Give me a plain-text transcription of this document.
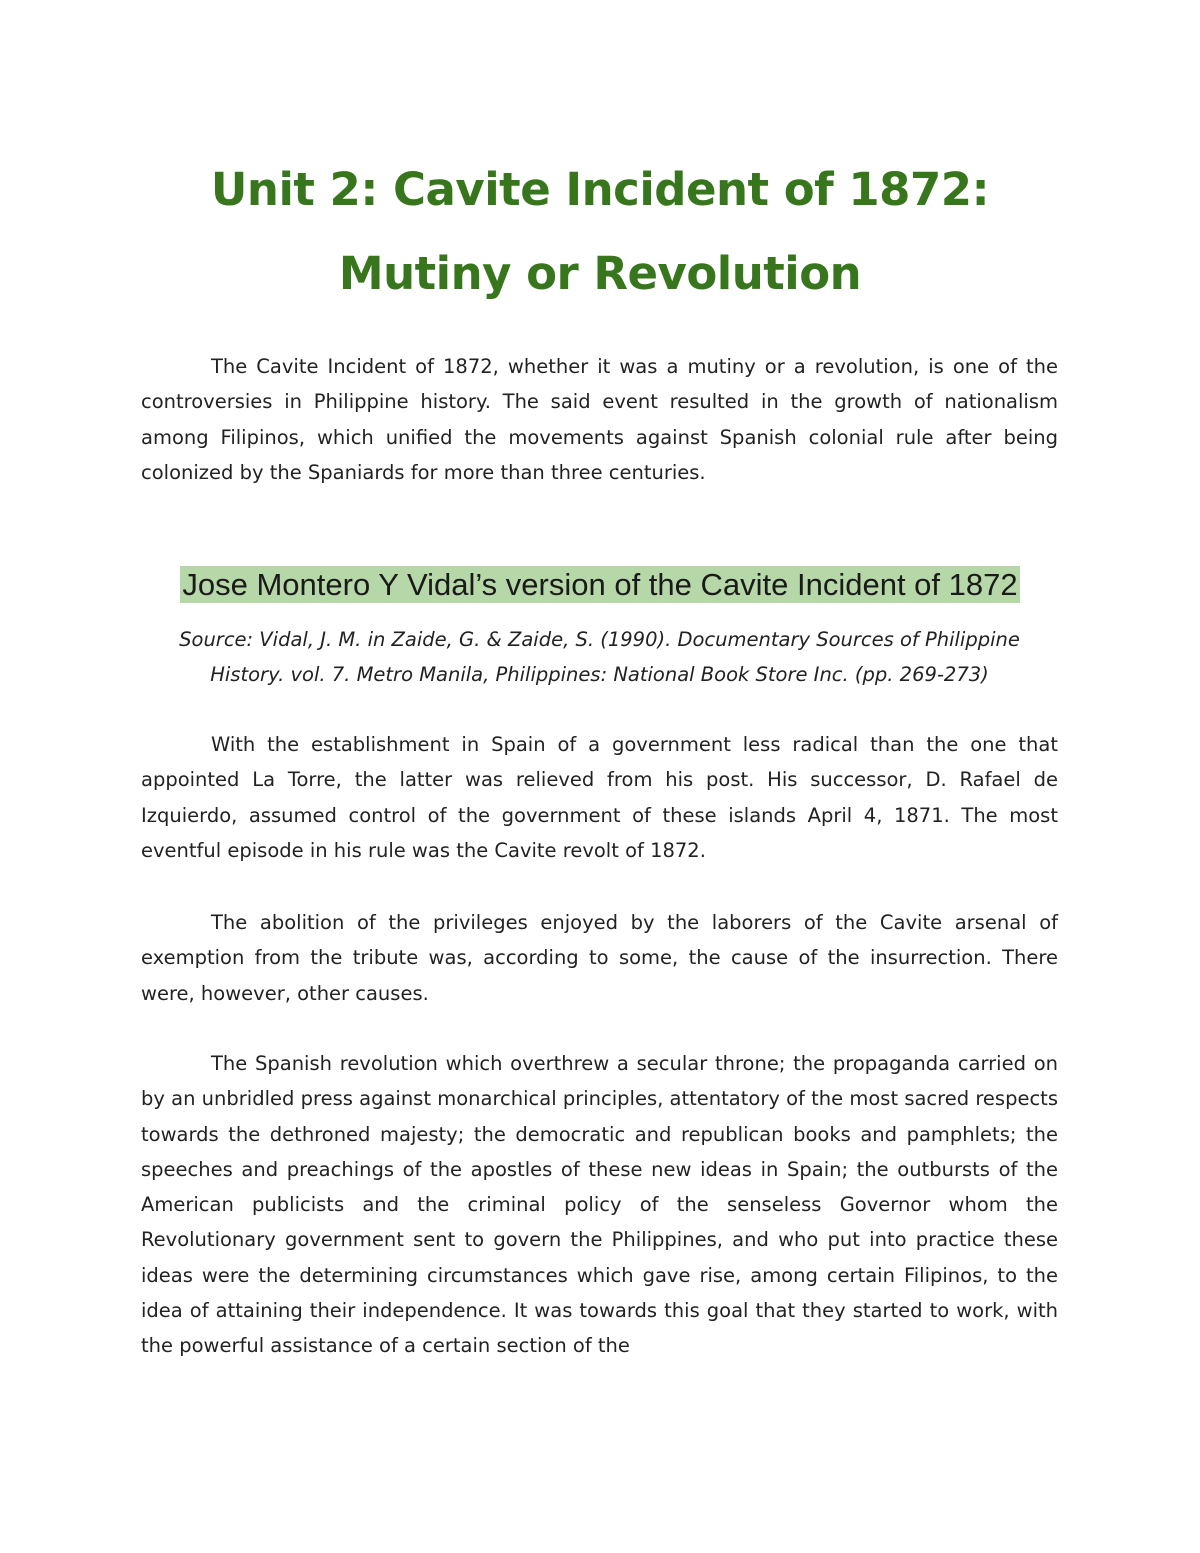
Unit 2: Cavite Incident of 1872:
Mutiny or Revolution

The Cavite Incident of 1872, whether it was a mutiny or a revolution, is one of the controversies in Philippine history. The said event resulted in the growth of nationalism among Filipinos, which unified the movements against Spanish colonial rule after being colonized by the Spaniards for more than three centuries.

Jose Montero Y Vidal’s version of the Cavite Incident of 1872

Source: Vidal, J. M. in Zaide, G. & Zaide, S. (1990). Documentary Sources of Philippine History. vol. 7. Metro Manila, Philippines: National Book Store Inc. (pp. 269-273)

With the establishment in Spain of a government less radical than the one that appointed La Torre, the latter was relieved from his post. His successor, D. Rafael de Izquierdo, assumed control of the government of these islands April 4, 1871. The most eventful episode in his rule was the Cavite revolt of 1872.

The abolition of the privileges enjoyed by the laborers of the Cavite arsenal of exemption from the tribute was, according to some, the cause of the insurrection. There were, however, other causes.

The Spanish revolution which overthrew a secular throne; the propaganda carried on by an unbridled press against monarchical principles, attentatory of the most sacred respects towards the dethroned majesty; the democratic and republican books and pamphlets; the speeches and preachings of the apostles of these new ideas in Spain; the outbursts of the American publicists and the criminal policy of the senseless Governor whom the Revolutionary government sent to govern the Philippines, and who put into practice these ideas were the determining circumstances which gave rise, among certain Filipinos, to the idea of attaining their independence. It was towards this goal that they started to work, with the powerful assistance of a certain section of the
